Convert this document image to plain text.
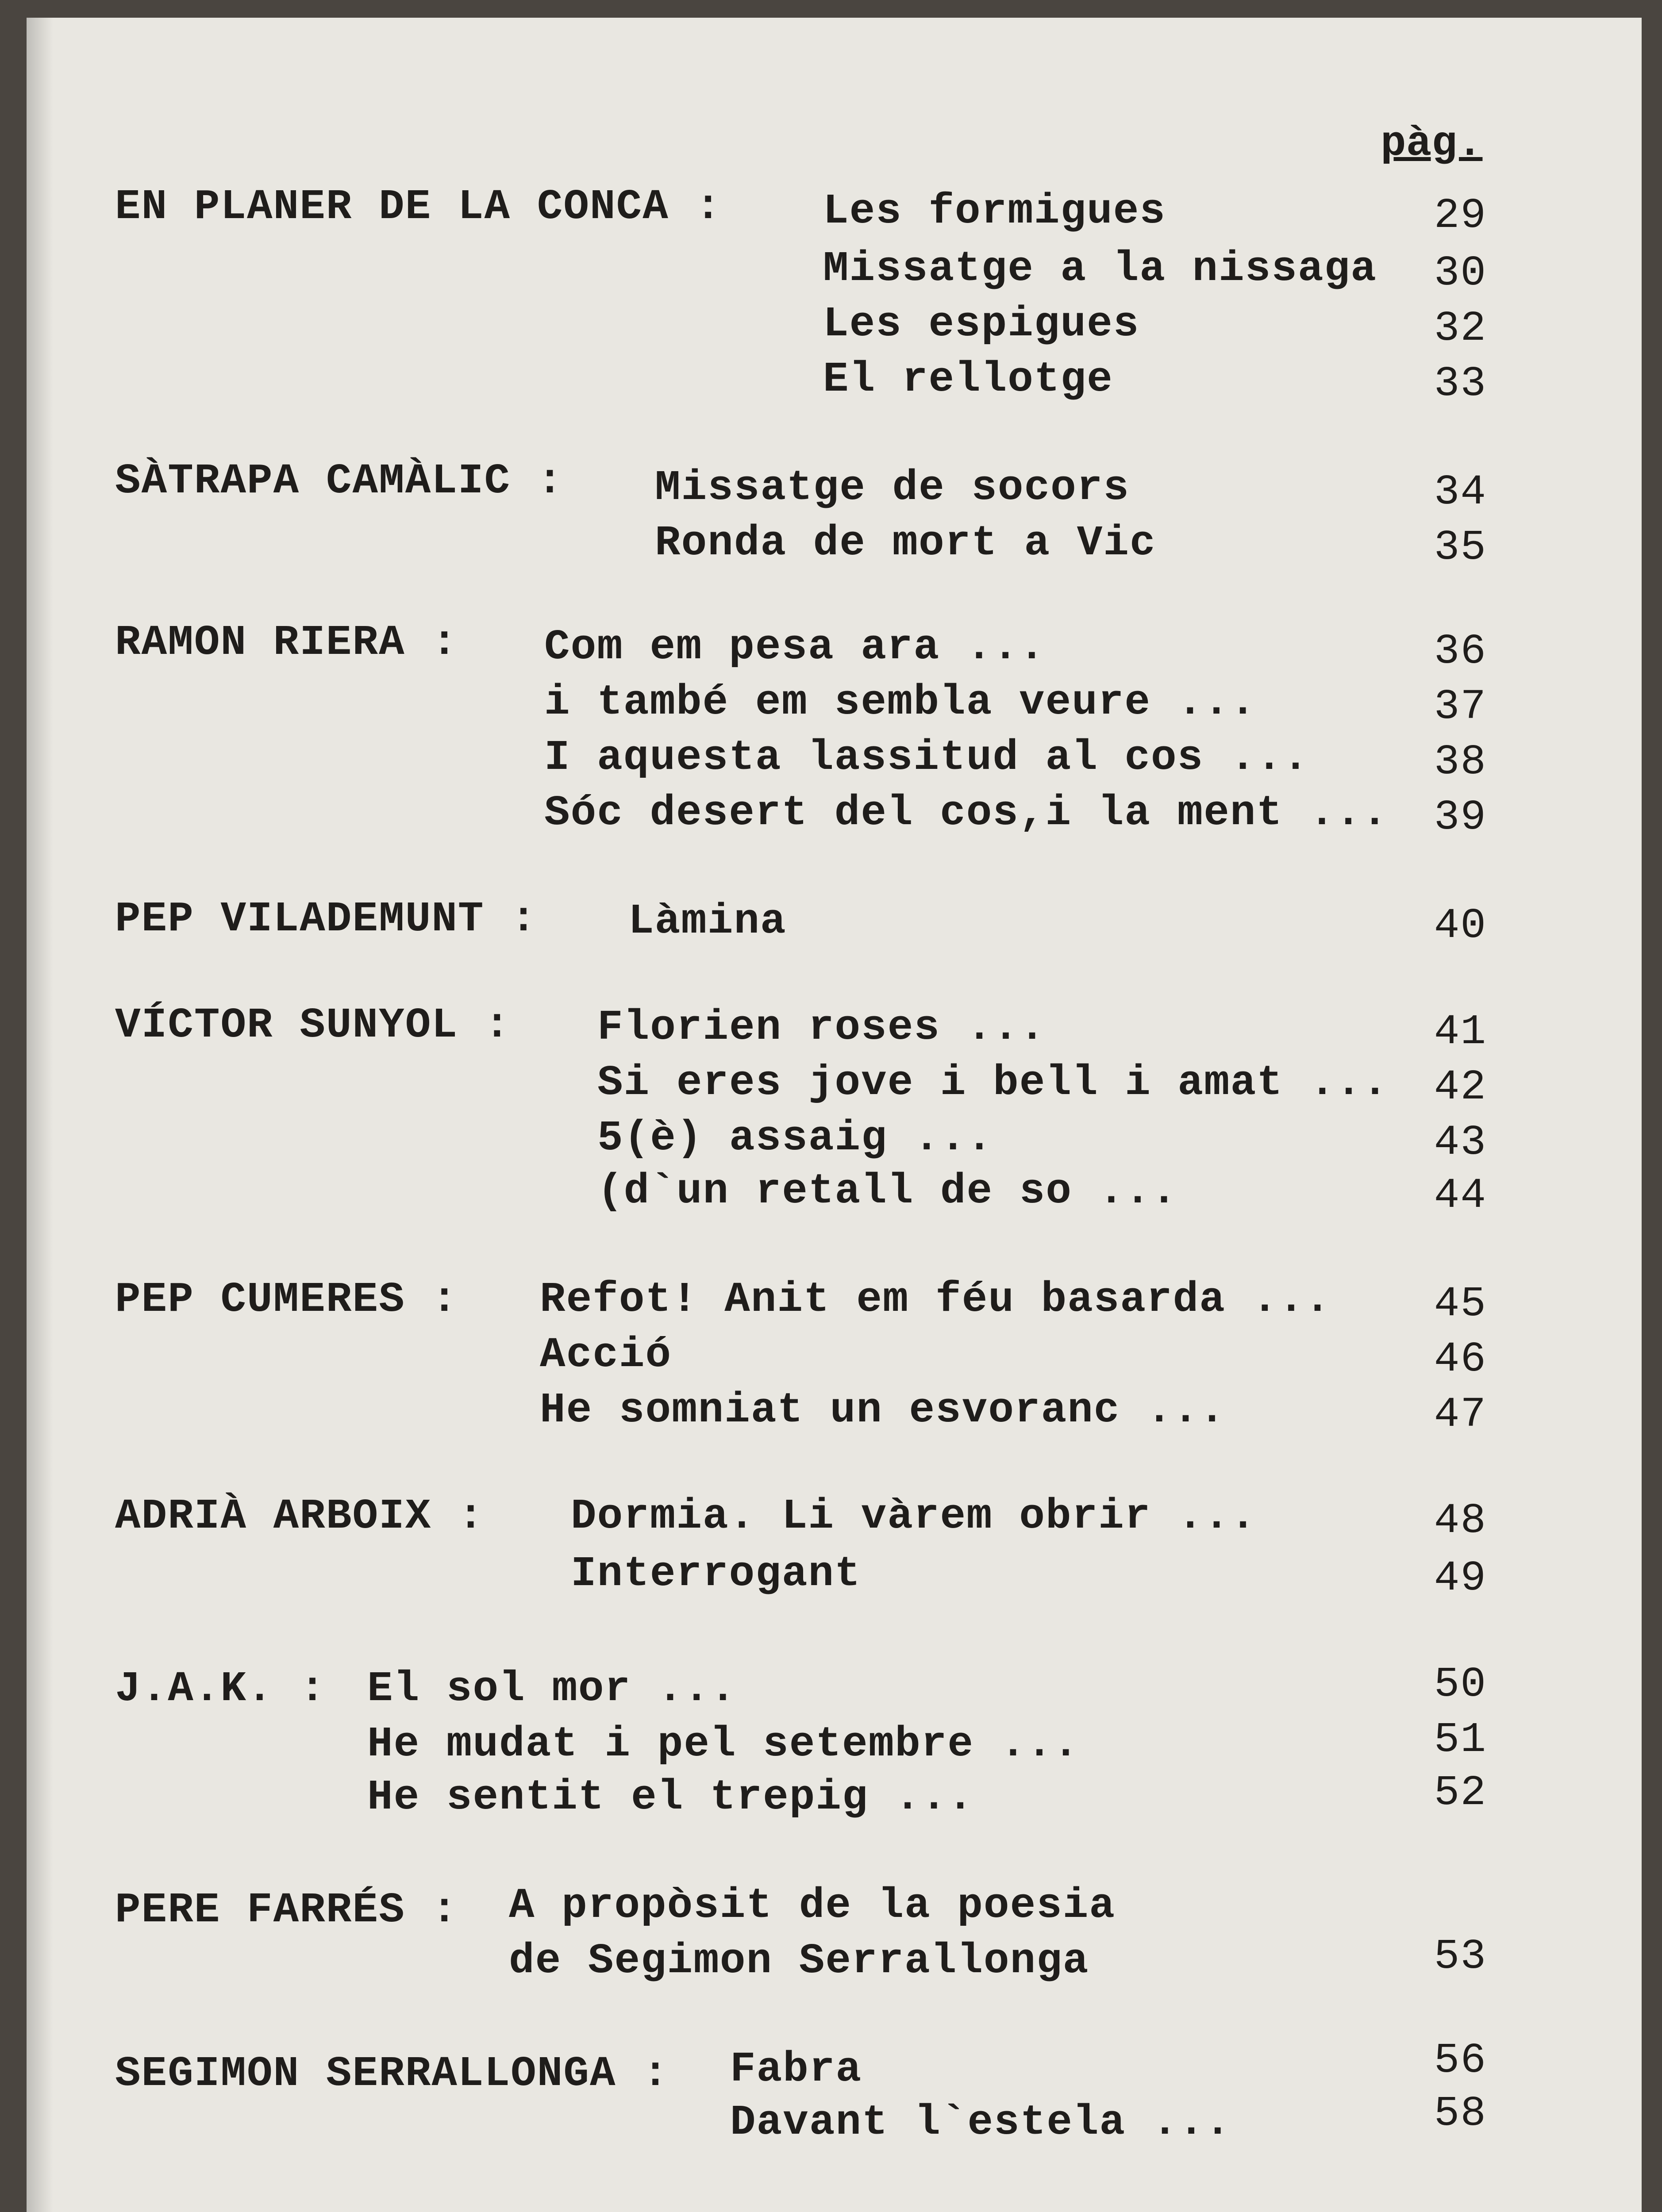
pàg.
EN PLANER DE LA CONCA : Les formigues	29
Missatge a la nissaga	30
Les espigues	32
El rellotge	33
SÀTRAPA CAMÀLIC : Missatge de socors	34
Ronda de mort a Vic	35
RAMON RIERA : Com em pesa ara ...	36
i també em sembla veure ...	37
I aquesta lassitud al cos ...	38
Sóc desert del cos,i la ment ...	39
PEP VILADEMUNT : Làmina	40
VÍCTOR SUNYOL : Florien roses ...	41
Si eres jove i bell i amat ...	42
5(è) assaig ...	43
(d`un retall de so ...	44
PEP CUMERES : Refot! Anit em féu basarda ...	45
Acció	46
He somniat un esvoranc ...	47
ADRIÀ ARBOIX : Dormia. Li vàrem obrir ...	48
Interrogant	49
J.A.K. : El sol mor ...	50
He mudat i pel setembre ...	51
He sentit el trepig ...	52
PERE FARRÉS : A propòsit de la poesia
de Segimon Serrallonga	53
SEGIMON SERRALLONGA : Fabra	56
Davant l`estela ...	58
